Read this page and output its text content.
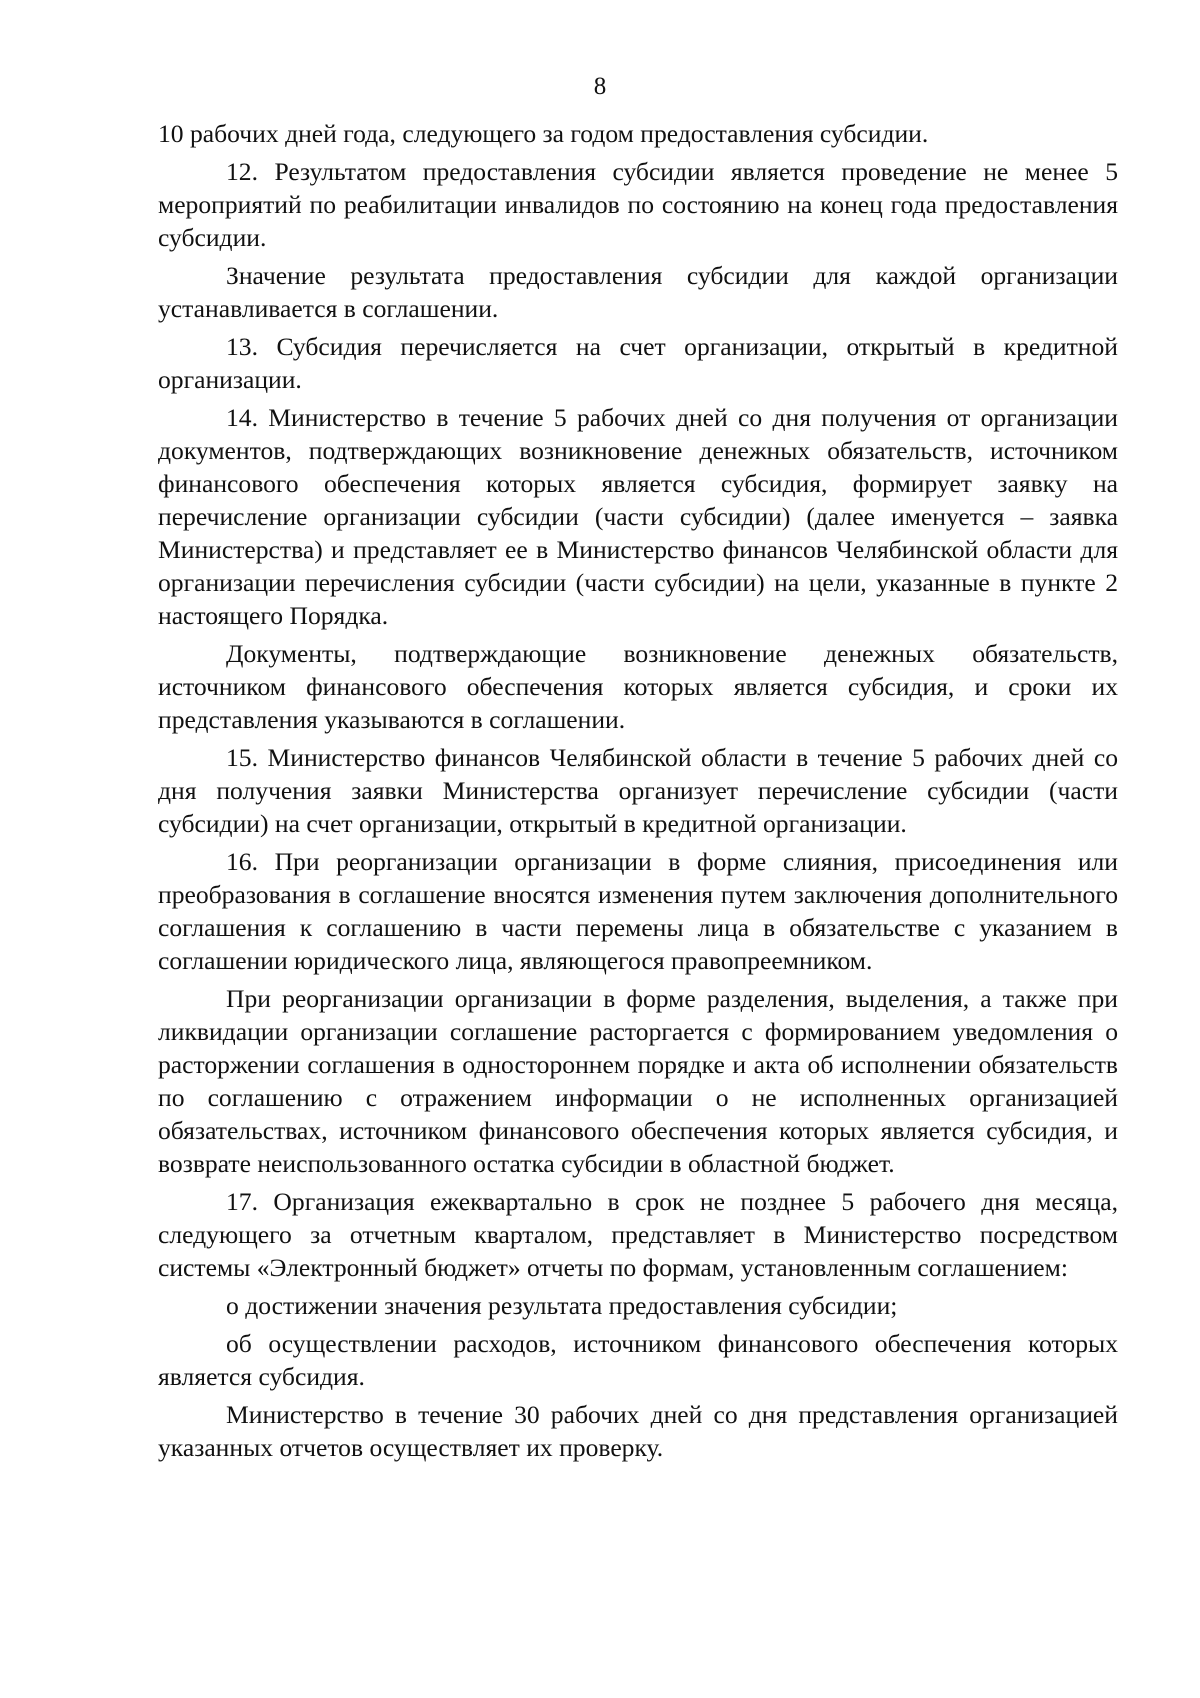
8

10 рабочих дней года, следующего за годом предоставления субсидии.

12. Результатом предоставления субсидии является проведение не менее 5 мероприятий по реабилитации инвалидов по состоянию на конец года предоставления субсидии.

Значение результата предоставления субсидии для каждой организации устанавливается в соглашении.

13. Субсидия перечисляется на счет организации, открытый в кредитной организации.

14. Министерство в течение 5 рабочих дней со дня получения от организации документов, подтверждающих возникновение денежных обязательств, источником финансового обеспечения которых является субсидия, формирует заявку на перечисление организации субсидии (части субсидии) (далее именуется – заявка Министерства) и представляет ее в Министерство финансов Челябинской области для организации перечисления субсидии (части субсидии) на цели, указанные в пункте 2 настоящего Порядка.

Документы, подтверждающие возникновение денежных обязательств, источником финансового обеспечения которых является субсидия, и сроки их представления указываются в соглашении.

15. Министерство финансов Челябинской области в течение 5 рабочих дней со дня получения заявки Министерства организует перечисление субсидии (части субсидии) на счет организации, открытый в кредитной организации.

16. При реорганизации организации в форме слияния, присоединения или преобразования в соглашение вносятся изменения путем заключения дополнительного соглашения к соглашению в части перемены лица в обязательстве с указанием в соглашении юридического лица, являющегося правопреемником.

При реорганизации организации в форме разделения, выделения, а также при ликвидации организации соглашение расторгается с формированием уведомления о расторжении соглашения в одностороннем порядке и акта об исполнении обязательств по соглашению с отражением информации о не исполненных организацией обязательствах, источником финансового обеспечения которых является субсидия, и возврате неиспользованного остатка субсидии в областной бюджет.

17. Организация ежеквартально в срок не позднее 5 рабочего дня месяца, следующего за отчетным кварталом, представляет в Министерство посредством системы «Электронный бюджет» отчеты по формам, установленным соглашением:

о достижении значения результата предоставления субсидии;

об осуществлении расходов, источником финансового обеспечения которых является субсидия.

Министерство в течение 30 рабочих дней со дня представления организацией указанных отчетов осуществляет их проверку.
